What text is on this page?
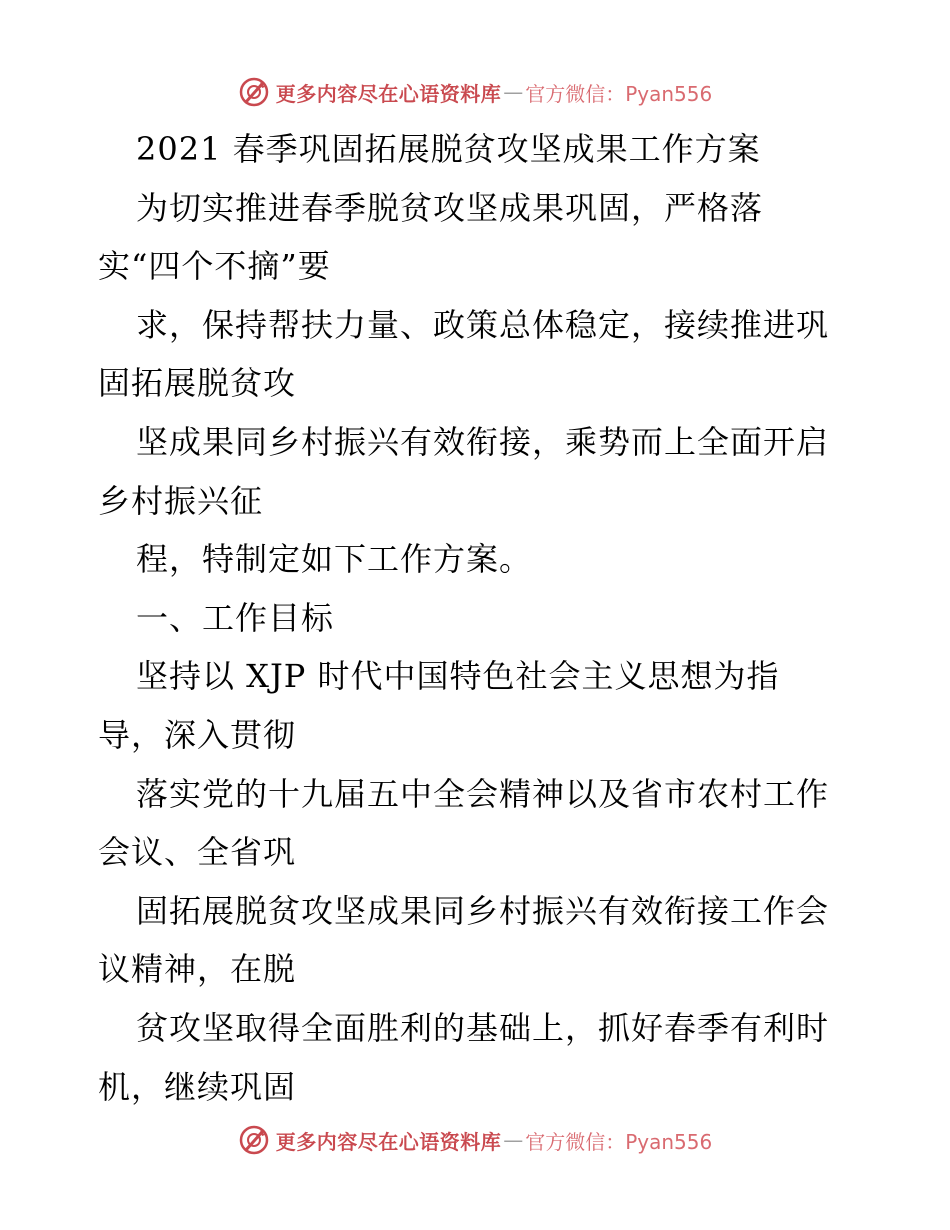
更多内容尽在心语资料库 — 官方微信：Pyan556
2021 春季巩固拓展脱贫攻坚成果工作方案
为切实推进春季脱贫攻坚成果巩固，严格落
实“四个不摘”要
求，保持帮扶力量、政策总体稳定，接续推进巩
固拓展脱贫攻
坚成果同乡村振兴有效衔接，乘势而上全面开启
乡村振兴征
程，特制定如下工作方案。
一、工作目标
坚持以 XJP 时代中国特色社会主义思想为指
导，深入贯彻
落实党的十九届五中全会精神以及省市农村工作
会议、全省巩
固拓展脱贫攻坚成果同乡村振兴有效衔接工作会
议精神，在脱
贫攻坚取得全面胜利的基础上，抓好春季有利时
机，继续巩固
更多内容尽在心语资料库 — 官方微信：Pyan556
